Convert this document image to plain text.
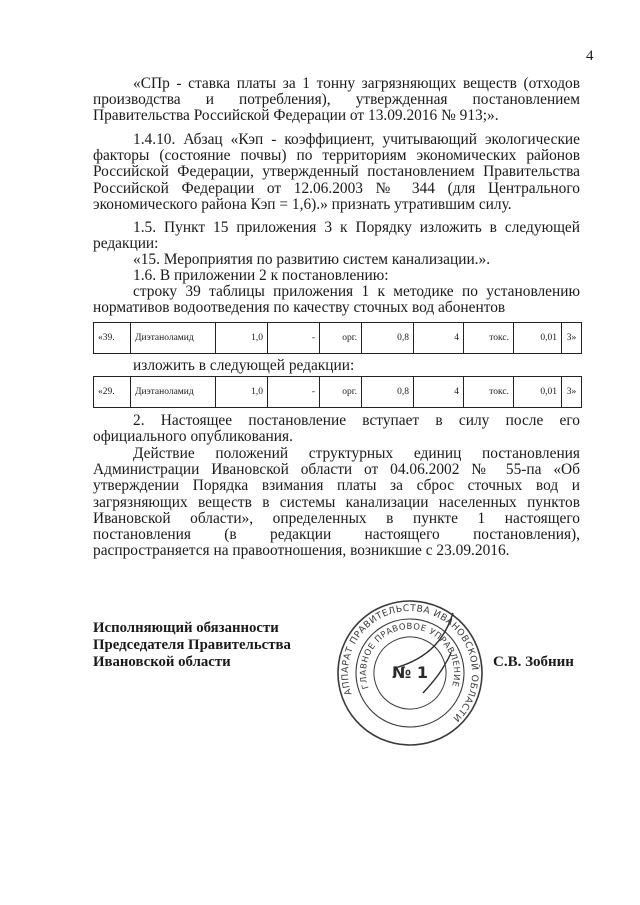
4

«СПр - ставка платы за 1 тонну загрязняющих веществ (отходов производства и потребления), утвержденная постановлением Правительства Российской Федерации от 13.09.2016 № 913;».

1.4.10. Абзац «Кэп - коэффициент, учитывающий экологические факторы (состояние почвы) по территориям экономических районов Российской Федерации, утвержденный постановлением Правительства Российской Федерации от 12.06.2003 № 344 (для Центрального экономического района Кэп = 1,6).» признать утратившим силу.

1.5. Пункт 15 приложения 3 к Порядку изложить в следующей редакции:

«15. Мероприятия по развитию систем канализации.».

1.6. В приложении 2 к постановлению:

строку 39 таблицы приложения 1 к методике по установлению нормативов водоотведения по качеству сточных вод абонентов

«39.	Диэтаноламид	1,0	-	орг.	0,8	4	токс.	0,01	3»

изложить в следующей редакции:

«29.	Диэтаноламид	1,0	-	орг.	0,8	4	токс.	0,01	3»

2. Настоящее постановление вступает в силу после его официального опубликования.

Действие положений структурных единиц постановления Администрации Ивановской области от 04.06.2002 № 55-па «Об утверждении Порядка взимания платы за сброс сточных вод и загрязняющих веществ в системы канализации населенных пунктов Ивановской области», определенных в пункте 1 настоящего постановления (в редакции настоящего постановления), распространяется на правоотношения, возникшие с 23.09.2016.

Исполняющий обязанности
Председателя Правительства
Ивановской области
АППАРАТ ПРАВИТЕЛЬСТВА ИВАНОВСКОЙ ОБЛАСТИ
ГЛАВНОЕ ПРАВОВОЕ УПРАВЛЕНИЕ
№ 1
С.В. Зобнин
